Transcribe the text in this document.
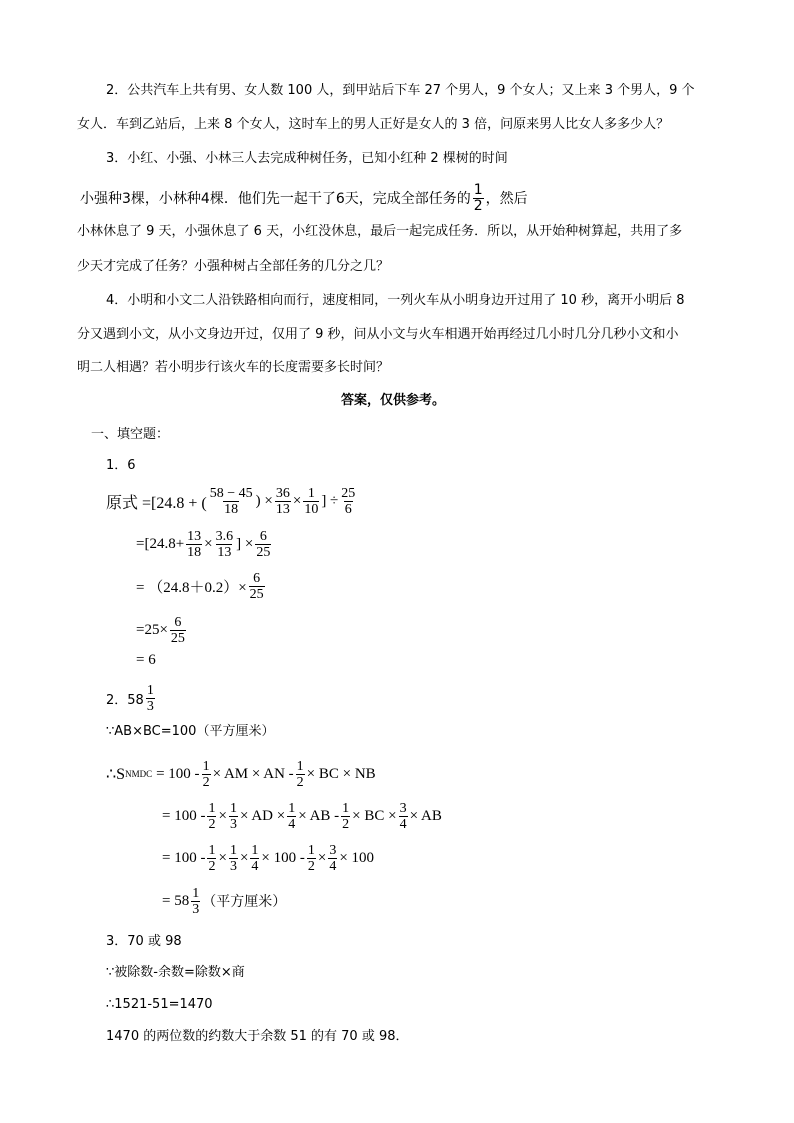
2．公共汽车上共有男、女人数 100 人，到甲站后下车 27 个男人，9 个女人；又上来 3 个男人，9 个
女人．车到乙站后，上来 8 个女人，这时车上的男人正好是女人的 3 倍，问原来男人比女人多多少人？
3．小红、小强、小林三人去完成种树任务，已知小红种 2 棵树的时间
小强种3棵，小林种4棵．他们先一起干了6天，完成全部任务的 $\frac{1}{2}$ ，然后
小林休息了 9 天，小强休息了 6 天，小红没休息，最后一起完成任务．所以，从开始种树算起，共用了多
少天才完成了任务？小强种树占全部任务的几分之几？
4．小明和小文二人沿铁路相向而行，速度相同，一列火车从小明身边开过用了 10 秒，离开小明后 8
分又遇到小文，从小文身边开过，仅用了 9 秒，问从小文与火车相遇开始再经过几小时几分几秒小文和小
明二人相遇？若小明步行该火车的长度需要多长时间？
答案，仅供参考。
一、填空题：
1．6
原式 =[24.8 + ( $\frac{58 - 45}{18}$ ) × $\frac{36}{13} \times \frac{1}{10}$ ] ÷ $\frac{25}{6}$
$=[24.8+ \frac{13}{18} \times \frac{3.6}{13}$ ] × $\frac{6}{25}$
= $(24.8+0.2)\times \frac{6}{25}$
$=25\times \frac{6}{25}$
= 6
2．$58 \frac{1}{3}$
∵AB×BC=100（平方厘米）
∴S NMDC = $100 - \frac{1}{2}$ × AM × AN - $\frac{1}{2}$ × BC × NB
= $100 - \frac{1}{2} \times \frac{1}{3}$ × AD × $\frac{1}{4}$ × AB - $\frac{1}{2}$ × BC × $\frac{3}{4}$ × AB
= $100 - \frac{1}{2} \times \frac{1}{3} \times \frac{1}{4} \times 100 - \frac{1}{2} \times \frac{3}{4} \times 100$
= $58 \frac{1}{3}$ （平方厘米）
3．70 或 98
∵被除数-余数=除数×商
∴1521-51=1470
1470 的两位数的约数大于余数 51 的有 70 或 98．
